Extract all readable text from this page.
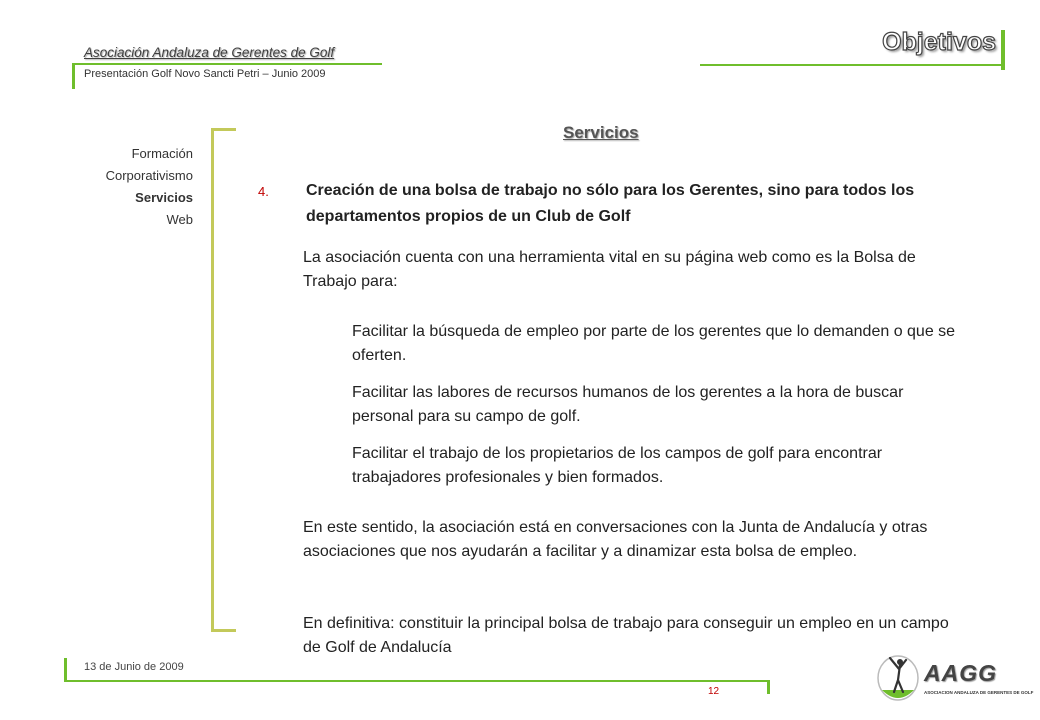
Asociación Andaluza de Gerentes de Golf
Presentación Golf Novo Sancti Petri – Junio 2009
Objetivos
Formación
Corporativismo
Servicios
Web
Servicios
4. Creación de una bolsa de trabajo no sólo para los Gerentes, sino para todos los departamentos propios de un Club de Golf
La asociación cuenta con una herramienta vital en su página web como es la Bolsa de Trabajo para:
Facilitar la búsqueda de empleo por parte de los gerentes que lo demanden o que se oferten.
Facilitar las labores de recursos humanos de los gerentes a la hora de buscar personal para su campo de golf.
Facilitar el trabajo de los propietarios de los campos de golf para encontrar trabajadores profesionales y bien formados.
En este sentido, la asociación está en conversaciones con la Junta de Andalucía y otras asociaciones que nos ayudarán a facilitar y a dinamizar esta bolsa de empleo.
En definitiva: constituir la principal bolsa de trabajo para conseguir un empleo en un campo de Golf de Andalucía
13 de Junio de 2009
12
AAGG
ASOCIACION ANDALUZA DE GERENTES DE GOLF
